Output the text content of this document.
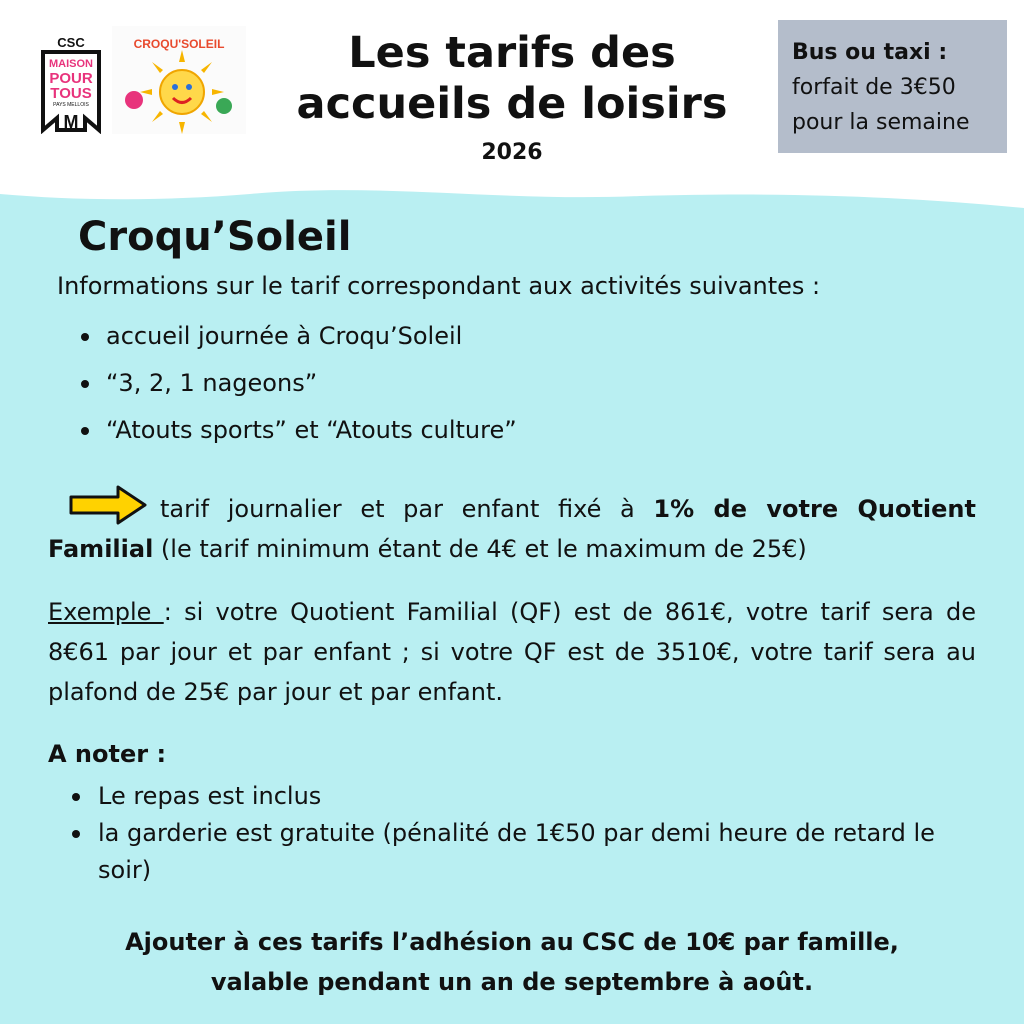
CSC
MAISON
POUR
TOUS
PAYS MELLOIS
M
CROQU'SOLEIL	Les tarifs des
accueils de loisirs
2026
Bus ou taxi :
forfait de 3€50
pour la semaine
Croqu’Soleil
Informations sur le tarif correspondant aux activités suivantes :
accueil journée à Croqu’Soleil
“3, 2, 1 nageons”
“Atouts sports” et “Atouts culture”

tarif journalier et par enfant fixé à 1% de votre Quotient Familial (le tarif minimum étant de 4€ et le maximum de 25€)

Exemple : si votre Quotient Familial (QF) est de 861€, votre tarif sera de 8€61 par jour et par enfant ; si votre QF est de 3510€, votre tarif sera au plafond de 25€ par jour et par enfant.

A noter :
Le repas est inclus
la garderie est gratuite (pénalité de 1€50 par demi heure de retard le soir)

Ajouter à ces tarifs l’adhésion au CSC de 10€ par famille,
valable pendant un an de septembre à août.
